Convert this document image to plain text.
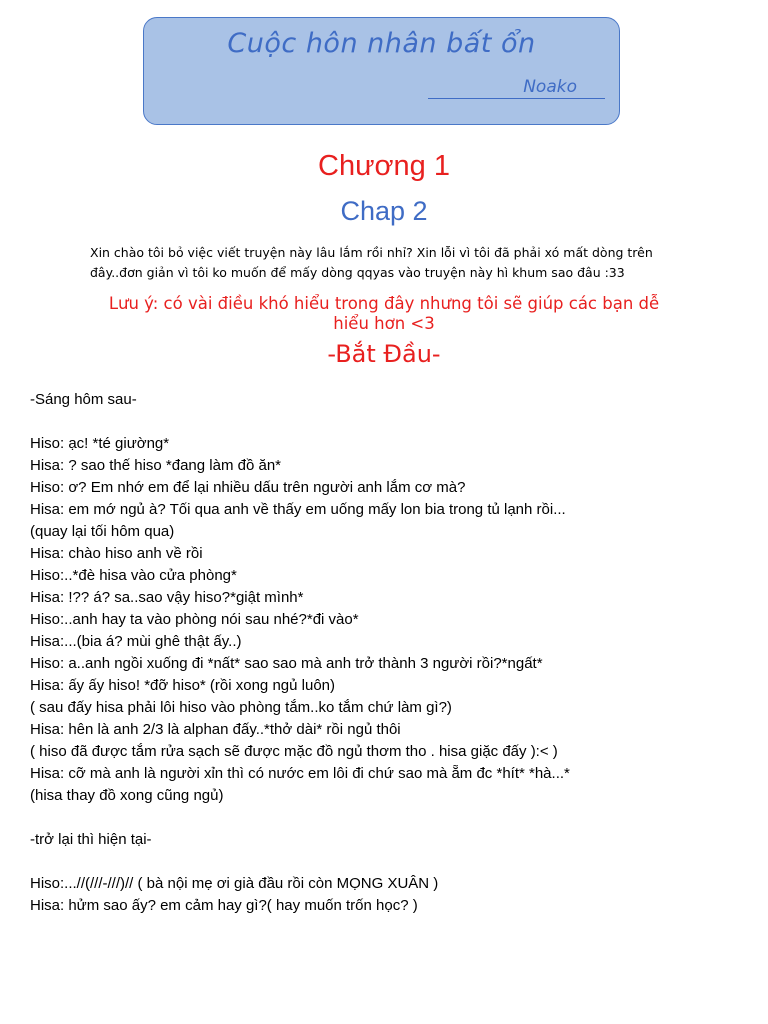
Cuộc hôn nhân bất ổn
Noako
Chương 1
Chap 2
Xin chào tôi bỏ việc viết truyện này lâu lắm rồi nhỉ? Xin lỗi vì tôi đã phải xó mất dòng trên đây..đơn giản vì tôi ko muốn để mấy dòng qqyas vào truyện này hì khum sao đâu :33
Lưu ý: có vài điều khó hiểu trong đây nhưng tôi sẽ giúp các bạn dễ hiểu hơn <3
-Bắt Đầu-
-Sáng hôm sau-
Hiso: ạc! *té giường*
Hisa: ? sao thế hiso *đang làm đồ ăn*
Hiso: ơ? Em nhớ em để lại nhiều dấu trên người anh lắm cơ mà?
Hisa: em mớ ngủ à? Tối qua anh về thấy em uống mấy lon bia trong tủ lạnh rồi...
(quay lại tối hôm qua)
Hisa: chào hiso anh về rồi
Hiso:..*đè hisa vào cửa phòng*
Hisa: !?? á? sa..sao vậy hiso?*giật mình*
Hiso:..anh hay ta vào phòng nói sau nhé?*đi vào*
Hisa:...(bia á? mùi ghê thật ấy..)
Hiso: a..anh ngồi xuống đi *nất* sao sao mà anh trở thành 3 người rồi?*ngất*
Hisa: ấy ấy hiso! *đỡ hiso* (rồi xong ngủ luôn)
( sau đấy hisa phải lôi hiso vào phòng tắm..ko tắm chứ làm gì?)
Hisa: hên là anh 2/3 là alphan đấy..*thở dài* rồi ngủ thôi
( hiso đã được tắm rửa sạch sẽ được mặc đồ ngủ thơm tho . hisa giặc đấy ):< )
Hisa: cỡ mà anh là người xỉn thì có nước em lôi đi chứ sao mà ẵm đc *hít* *hà...*
(hisa thay đồ xong cũng ngủ)
-trở lại thì hiện tại-
Hiso:...//(///-///)// ( bà nội mẹ ơi già đầu rồi còn MỌNG XUÂN )
Hisa: hửm sao ấy? em cảm hay gì?( hay muốn trốn học? )
